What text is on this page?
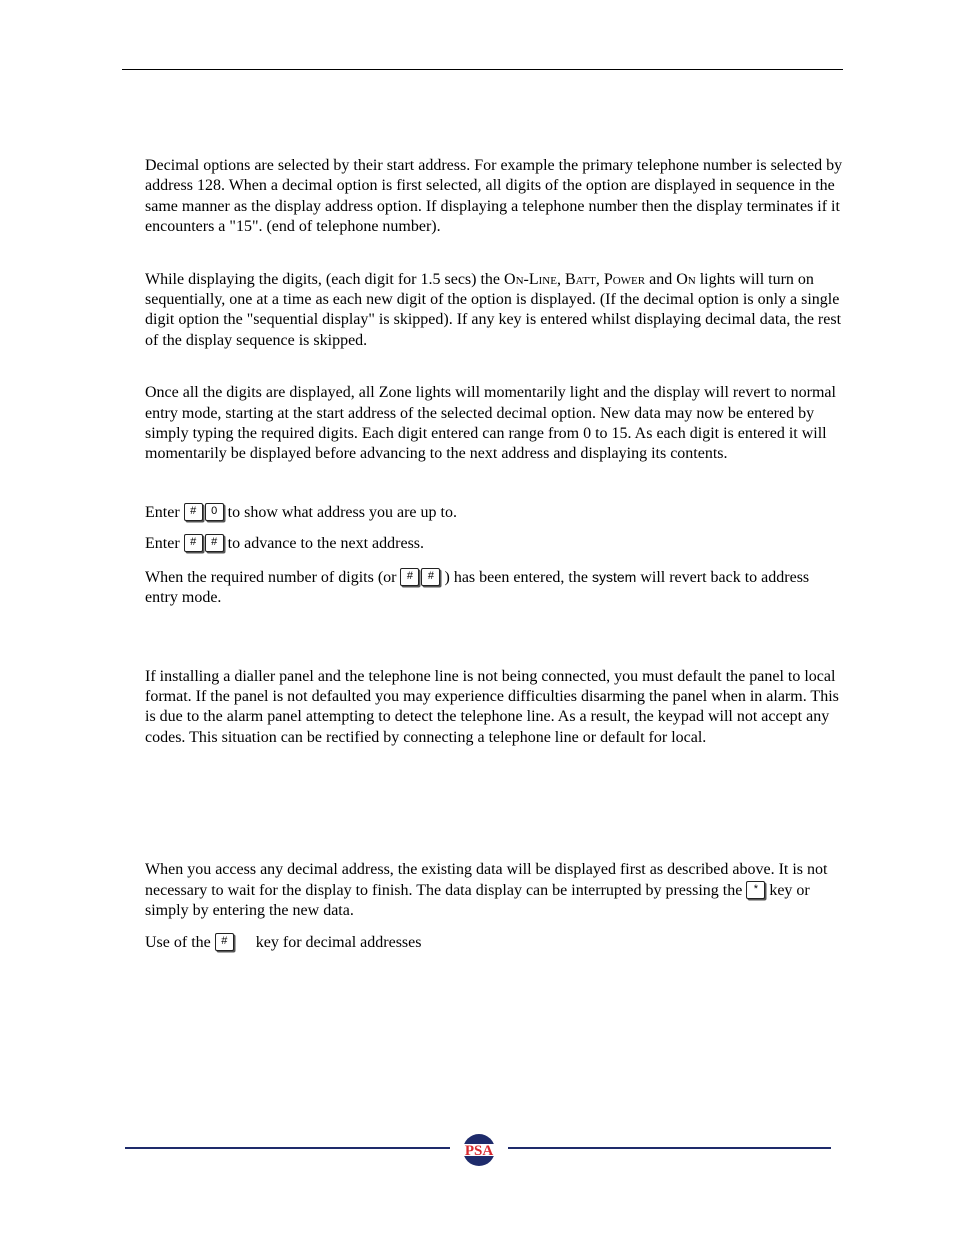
Decimal options are selected by their start address. For example the primary telephone number is selected by address 128. When a decimal option is first selected, all digits of the option are displayed in sequence in the same manner as the display address option. If displaying a telephone number then the display terminates if it encounters a "15". (end of telephone number).

While displaying the digits, (each digit for 1.5 secs) the On-Line, Batt, Power and On lights will turn on sequentially, one at a time as each new digit of the option is displayed. (If the decimal option is only a single digit option the "sequential display" is skipped). If any key is entered whilst displaying decimal data, the rest of the display sequence is skipped.

Once all the digits are displayed, all Zone lights will momentarily light and the display will revert to normal entry mode, starting at the start address of the selected decimal option. New data may now be entered by simply typing the required digits. Each digit entered can range from 0 to 15. As each digit is entered it will momentarily be displayed before advancing to the next address and displaying its contents.

Enter # 0 to show what address you are up to.

Enter # # to advance to the next address.

When the required number of digits (or # # ) has been entered, the system will revert back to address entry mode.

If installing a dialler panel and the telephone line is not being connected, you must default the panel to local format. If the panel is not defaulted you may experience difficulties disarming the panel when in alarm. This is due to the alarm panel attempting to detect the telephone line. As a result, the keypad will not accept any codes. This situation can be rectified by connecting a telephone line or default for local.

When you access any decimal address, the existing data will be displayed first as described above. It is not necessary to wait for the display to finish. The data display can be interrupted by pressing the * key or simply by entering the new data.

Use of the # key for decimal addresses

PSA
